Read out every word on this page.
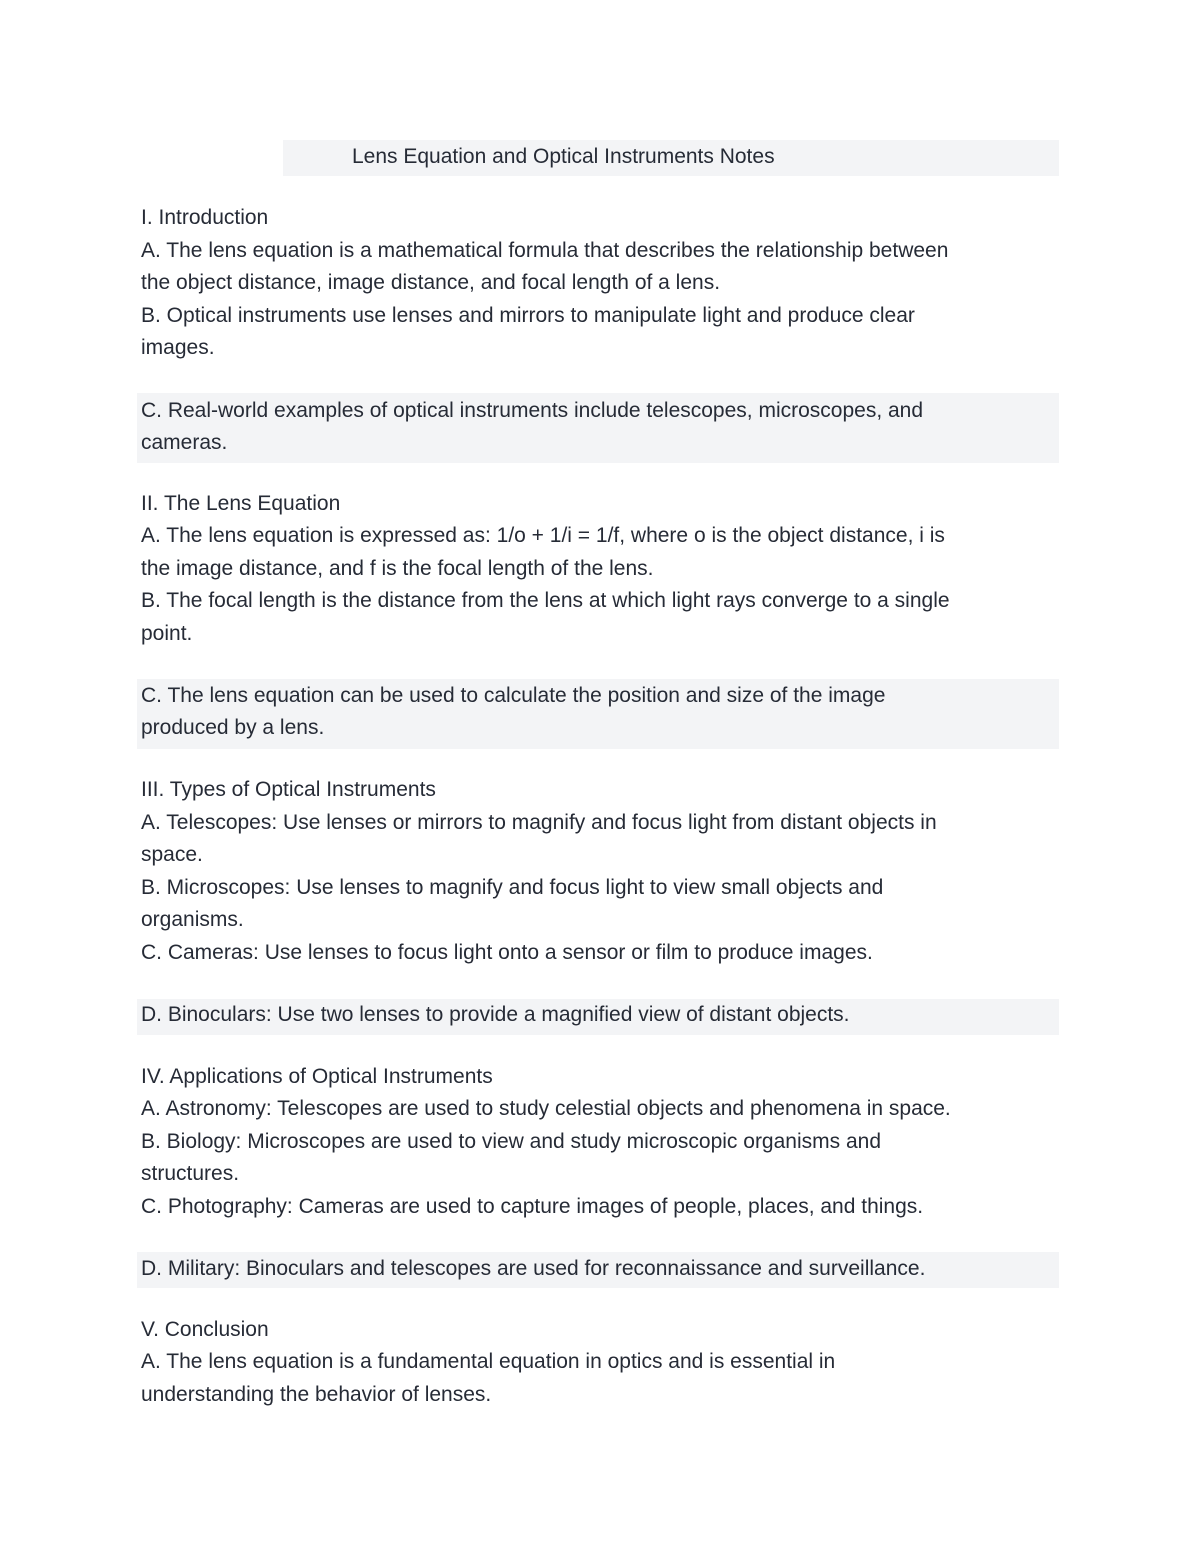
Lens Equation and Optical Instruments Notes
I. Introduction
A. The lens equation is a mathematical formula that describes the relationship between
the object distance, image distance, and focal length of a lens.
B. Optical instruments use lenses and mirrors to manipulate light and produce clear
images.
C. Real-world examples of optical instruments include telescopes, microscopes, and
cameras.
II. The Lens Equation
A. The lens equation is expressed as: 1/o + 1/i = 1/f, where o is the object distance, i is
the image distance, and f is the focal length of the lens.
B. The focal length is the distance from the lens at which light rays converge to a single
point.
C. The lens equation can be used to calculate the position and size of the image
produced by a lens.
III. Types of Optical Instruments
A. Telescopes: Use lenses or mirrors to magnify and focus light from distant objects in
space.
B. Microscopes: Use lenses to magnify and focus light to view small objects and
organisms.
C. Cameras: Use lenses to focus light onto a sensor or film to produce images.
D. Binoculars: Use two lenses to provide a magnified view of distant objects.
IV. Applications of Optical Instruments
A. Astronomy: Telescopes are used to study celestial objects and phenomena in space.
B. Biology: Microscopes are used to view and study microscopic organisms and
structures.
C. Photography: Cameras are used to capture images of people, places, and things.
D. Military: Binoculars and telescopes are used for reconnaissance and surveillance.
V. Conclusion
A. The lens equation is a fundamental equation in optics and is essential in
understanding the behavior of lenses.
